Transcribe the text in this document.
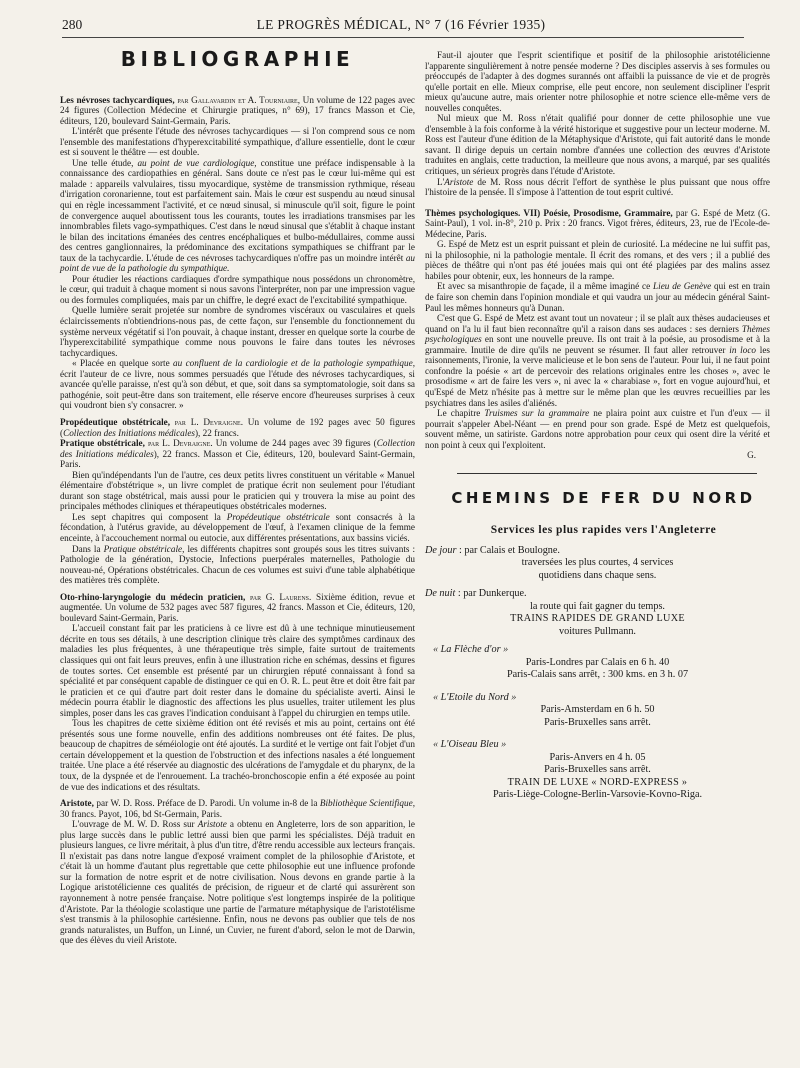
280	LE PROGRÈS MÉDICAL, N° 7 (16 Février 1935)

BIBLIOGRAPHIE

Les névroses tachycardiques, par Gallavardin et A. Tourniaire, Un volume de 122 pages avec 24 figures (Collection Médecine et Chirurgie pratiques, n° 69), 17 francs Masson et Cie, éditeurs, 120, boulevard Saint-Germain, Paris.

L'intérêt que présente l'étude des névroses tachycardiques — si l'on comprend sous ce nom l'ensemble des manifestations d'hyperexcitabilité sympathique, d'allure essentielle, dont le cœur est si souvent le théâtre — est double.

Une telle étude, au point de vue cardiologique, constitue une préface indispensable à la connaissance des cardiopathies en général. Sans doute ce n'est pas le cœur lui-même qui est malade : appareils valvulaires, tissu myocardique, système de transmission rythmique, réseau d'irrigation coronarienne, tout est parfaitement sain. Mais le cœur est suspendu au nœud sinusal qui en règle incessamment l'activité, et ce nœud sinusal, si minuscule qu'il soit, figure le point de convergence auquel aboutissent tous les courants, toutes les irradiations transmises par les innombrables filets vago-sympathiques. C'est dans le nœud sinusal que s'établit à chaque instant le bilan des incitations émanées des centres encéphaliques et bulbo-médullaires, comme aussi des centres ganglionnaires, la prédominance des excitations sympathiques se chiffrant par le taux de la tachycardie. L'étude de ces névroses tachycardiques n'offre pas un moindre intérêt au point de vue de la pathologie du sympathique.

Pour étudier les réactions cardiaques d'ordre sympathique nous possédons un chronomètre, le cœur, qui traduit à chaque moment si nous savons l'interpréter, non par une impression vague ou des formules compliquées, mais par un chiffre, le degré exact de l'excitabilité sympathique.

Quelle lumière serait projetée sur nombre de syndromes viscéraux ou vasculaires et quels éclaircissements n'obtiendrions-nous pas, de cette façon, sur l'ensemble du fonctionnement du système nerveux végétatif si l'on pouvait, à chaque instant, dresser en quelque sorte la courbe de l'hyperexcitabilité sympathique comme nous pouvons le faire dans toutes les névroses tachycardiques.

« Placée en quelque sorte au confluent de la cardiologie et de la pathologie sympathique, écrit l'auteur de ce livre, nous sommes persuadés que l'étude des névroses tachycardiques, si avancée qu'elle paraisse, n'est qu'à son début, et que, soit dans sa symptomatologie, soit dans sa pathogénie, soit peut-être dans son traitement, elle réserve encore d'heureuses surprises à ceux qui voudront bien s'y consacrer. »

Propédeutique obstétricale, par L. Devraigne. Un volume de 192 pages avec 50 figures (Collection des Initiations médicales), 22 francs.

Pratique obstétricale, par L. Devraigne. Un volume de 244 pages avec 39 figures (Collection des Initiations médicales), 22 francs. Masson et Cie, éditeurs, 120, boulevard Saint-Germain, Paris.

Bien qu'indépendants l'un de l'autre, ces deux petits livres constituent un véritable « Manuel élémentaire d'obstétrique », un livre complet de pratique écrit non seulement pour l'étudiant durant son stage obstétrical, mais aussi pour le praticien qui y trouvera la mise au point des principales méthodes cliniques et thérapeutiques obstétricales modernes.

Les sept chapitres qui composent la Propédeutique obstétricale sont consacrés à la fécondation, à l'utérus gravide, au développement de l'œuf, à l'examen clinique de la femme enceinte, à l'accouchement normal ou eutocie, aux différentes présentations, aux bassins viciés.

Dans la Pratique obstétricale, les différents chapitres sont groupés sous les titres suivants : Pathologie de la génération, Dystocie, Infections puerpérales maternelles, Pathologie du nouveau-né, Opérations obstétricales. Chacun de ces volumes est suivi d'une table alphabétique des matières très complète.

Oto-rhino-laryngologie du médecin praticien, par G. Laurens. Sixième édition, revue et augmentée. Un volume de 532 pages avec 587 figures, 42 francs. Masson et Cie, éditeurs, 120, boulevard Saint-Germain, Paris.

L'accueil constant fait par les praticiens à ce livre est dû à une technique minutieusement décrite en tous ses détails, à une description clinique très claire des symptômes cardinaux des maladies les plus fréquentes, à une thérapeutique très simple, faite surtout de traitements classiques qui ont fait leurs preuves, enfin à une illustration riche en schémas, dessins et figures de toutes sortes. Cet ensemble est présenté par un chirurgien réputé connaissant à fond sa spécialité et par conséquent capable de distinguer ce qui en O. R. L. peut être et doit être fait par le praticien et ce qui d'autre part doit rester dans le domaine du spécialiste averti. Ainsi le médecin pourra établir le diagnostic des affections les plus usuelles, traiter utilement les plus simples, poser dans les cas graves l'indication conduisant à l'appel du chirurgien en temps utile.

Tous les chapitres de cette sixième édition ont été revisés et mis au point, certains ont été présentés sous une forme nouvelle, enfin des additions nombreuses ont été faites. De plus, beaucoup de chapitres de séméiologie ont été ajoutés. La surdité et le vertige ont fait l'objet d'un certain développement et la question de l'obstruction et des infections nasales a été longuement traitée. Une place a été réservée au diagnostic des ulcérations de l'amygdale et du pharynx, de la toux, de la dyspnée et de l'enrouement. La trachéo-bronchoscopie enfin a été exposée au point de vue des indications et des résultats.

Aristote, par W. D. Ross. Préface de D. Parodi. Un volume in-8 de la Bibliothèque Scientifique, 30 francs. Payot, 106, bd St-Germain, Paris.

L'ouvrage de M. W. D. Ross sur Aristote a obtenu en Angleterre, lors de son apparition, le plus large succès dans le public lettré aussi bien que parmi les spécialistes. Déjà traduit en plusieurs langues, ce livre méritait, à plus d'un titre, d'être rendu accessible aux lecteurs français. Il n'existait pas dans notre langue d'exposé vraiment complet de la philosophie d'Aristote, et c'était là un homme d'autant plus regrettable que cette philosophie eut une influence profonde sur la formation de notre esprit et de notre civilisation. Nous devons en grande partie à la Logique aristotélicienne ces qualités de précision, de rigueur et de clarté qui assurèrent son rayonnement à notre pensée française. Notre politique s'est longtemps inspirée de la politique d'Aristote. Par la théologie scolastique une partie de l'armature métaphysique de l'aristotélisme s'est transmis à la philosophie cartésienne. Enfin, nous ne devons pas oublier que tels de nos grands naturalistes, un Buffon, un Linné, un Cuvier, ne furent d'abord, selon le mot de Darwin, que des élèves du vieil Aristote.

Faut-il ajouter que l'esprit scientifique et positif de la philosophie aristotélicienne l'apparente singulièrement à notre pensée moderne ? Des disciples asservis à ses formules ou préoccupés de l'adapter à des dogmes surannés ont affaibli la puissance de vie et de progrès qu'elle portait en elle. Mieux comprise, elle peut encore, non seulement discipliner l'esprit mieux qu'aucune autre, mais orienter notre philosophie et notre science elle-même vers de nouvelles conquêtes.

Nul mieux que M. Ross n'était qualifié pour donner de cette philosophie une vue d'ensemble à la fois conforme à la vérité historique et suggestive pour un lecteur moderne. M. Ross est l'auteur d'une édition de la Métaphysique d'Aristote, qui fait autorité dans le monde savant. Il dirige depuis un certain nombre d'années une collection des œuvres d'Aristote traduites en anglais, cette traduction, la meilleure que nous avons, a marqué, par ses qualités critiques, un sérieux progrès dans l'étude d'Aristote.

L'Aristote de M. Ross nous décrit l'effort de synthèse le plus puissant que nous offre l'histoire de la pensée. Il s'impose à l'attention de tout esprit cultivé.

Thèmes psychologiques. VII) Poésie, Prosodisme, Grammaire, par G. Espé de Metz (G. Saint-Paul), 1 vol. in-8°, 210 p. Prix : 20 francs. Vigot frères, éditeurs, 23, rue de l'Ecole-de-Médecine, Paris.

G. Espé de Metz est un esprit puissant et plein de curiosité. La médecine ne lui suffit pas, ni la philosophie, ni la pathologie mentale. Il écrit des romans, et des vers ; il a publié des pièces de théâtre qui n'ont pas été jouées mais qui ont été plagiées par des malins assez habiles pour obtenir, eux, les honneurs de la rampe.

Et avec sa misanthropie de façade, il a même imaginé ce Lieu de Genève qui est en train de faire son chemin dans l'opinion mondiale et qui vaudra un jour au médecin général Saint-Paul les mêmes honneurs qu'à Dunan.

C'est que G. Espé de Metz est avant tout un novateur ; il se plaît aux thèses audacieuses et quand on l'a lu il faut bien reconnaître qu'il a raison dans ses audaces : ses derniers Thèmes psychologiques en sont une nouvelle preuve. Ils ont trait à la poésie, au prosodisme et à la grammaire. Inutile de dire qu'ils ne peuvent se résumer. Il faut aller retrouver in loco les raisonnements, l'ironie, la verve malicieuse et le bon sens de l'auteur. Pour lui, il ne faut point confondre la poésie « art de percevoir des relations originales entre les choses », avec le prosodisme « art de faire les vers », ni avec la « charabiase », fort en vogue aujourd'hui, et qu'Espé de Metz n'hésite pas à mettre sur le même plan que les œuvres recueillies par les psychiatres dans les asiles d'aliénés.

Le chapitre Truismes sur la grammaire ne plaira point aux cuistre et l'un d'eux — il pourrait s'appeler Abel-Néant — en prend pour son grade. Espé de Metz est quelquefois, souvent même, un satiriste. Gardons notre approbation pour ceux qui osent dire la vérité et non point à ceux qui l'exploitent.

G.

CHEMINS DE FER DU NORD

Services les plus rapides vers l'Angleterre

De jour : par Calais et Boulogne.

traversées les plus courtes, 4 services

quotidiens dans chaque sens.

De nuit : par Dunkerque.

la route qui fait gagner du temps.

TRAINS RAPIDES DE GRAND LUXE

voitures Pullmann.

« La Flèche d'or »

Paris-Londres par Calais en 6 h. 40

Paris-Calais sans arrêt, : 300 kms. en 3 h. 07

« L'Etoile du Nord »

Paris-Amsterdam en 6 h. 50

Paris-Bruxelles sans arrêt.

« L'Oiseau Bleu »

Paris-Anvers en 4 h. 05

Paris-Bruxelles sans arrêt.

TRAIN DE LUXE « NORD-EXPRESS »

Paris-Liège-Cologne-Berlin-Varsovie-Kovno-Riga.
